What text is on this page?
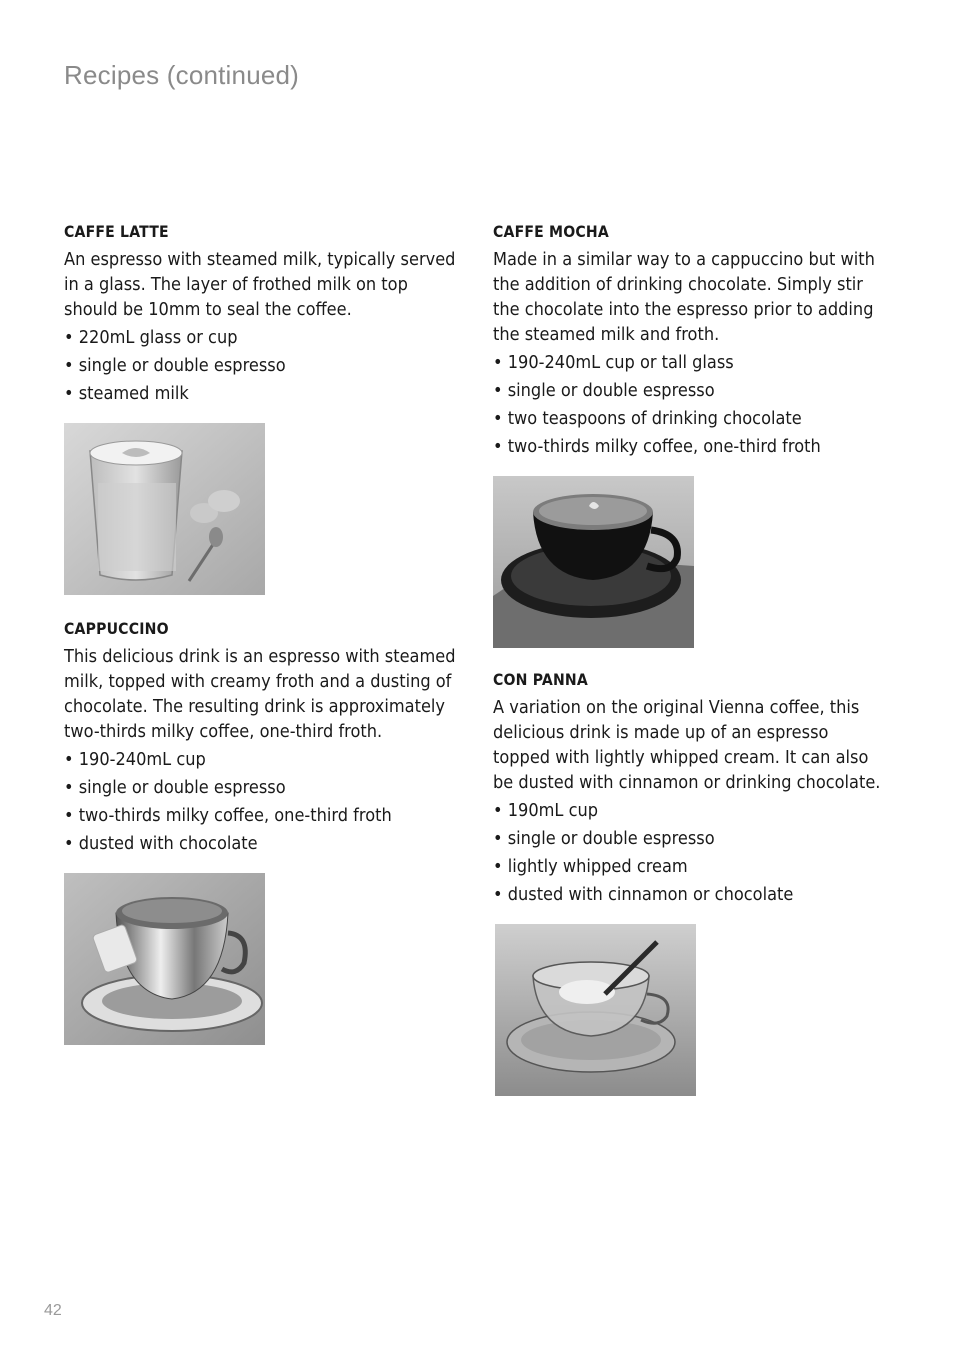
Recipes (continued)
CAFFE LATTE

An espresso with steamed milk, typically served in a glass. The layer of frothed milk on top should be 10mm to seal the coffee.

• 220mL glass or cup
• single or double espresso
• steamed milk
CAPPUCCINO

This delicious drink is an espresso with steamed milk, topped with creamy froth and a dusting of chocolate. The resulting drink is approximately two-thirds milky coffee, one-third froth.

• 190-240mL cup
• single or double espresso
• two-thirds milky coffee, one-third froth
• dusted with chocolate
CAFFE MOCHA

Made in a similar way to a cappuccino but with the addition of drinking chocolate. Simply stir the chocolate into the espresso prior to adding the steamed milk and froth.

• 190-240mL cup or tall glass
• single or double espresso
• two teaspoons of drinking chocolate
• two-thirds milky coffee, one-third froth
CON PANNA

A variation on the original Vienna coffee, this delicious drink is made up of an espresso topped with lightly whipped cream. It can also be dusted with cinnamon or drinking chocolate.

• 190mL cup
• single or double espresso
• lightly whipped cream
• dusted with cinnamon or chocolate
42
